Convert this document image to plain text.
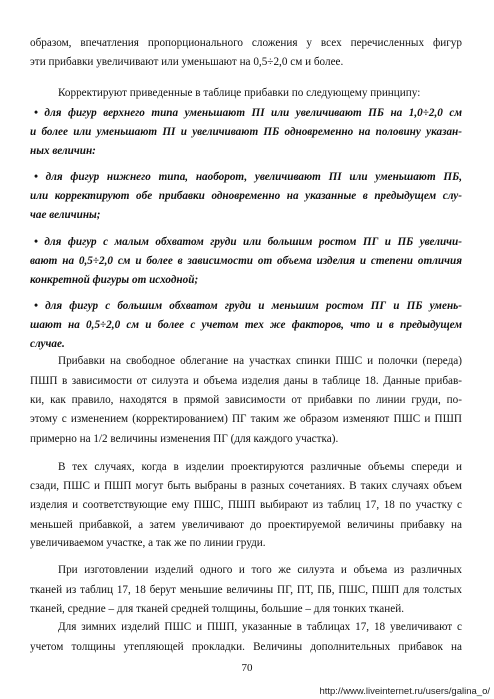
образом, впечатления пропорционального сложения у всех перечисленных фигур
эти прибавки увеличивают или уменьшают на 0,5÷2,0 см и более.
Корректируют приведенные в таблице прибавки по следующему принципу:
• для фигур верхнего типа уменьшают ПІ или увеличивают ПБ на 1,0÷2,0 см
и более или уменьшают ПІ и увеличивают ПБ одновременно на половину указан-
ных величин:
• для фигур нижнего типа, наоборот, увеличивают ПІ или уменьшают ПБ,
или корректируют обе прибавки одновременно на указанные в предыдущем слу-
чае величины;
• для фигур с малым обхватом груди или большим ростом ПГ и ПБ увеличи-
вают на 0,5÷2,0 см и более в зависимости от объема изделия и степени отличия
конкретной фигуры от исходной;
• для фигур с большим обхватом груди и меньшим ростом ПГ и ПБ умень-
шают на 0,5÷2,0 см и более с учетом тех же факторов, что и в предыдущем
случае.
Прибавки на свободное облегание на участках спинки ПШС и полочки (переда)
ПШП в зависимости от силуэта и объема изделия даны в таблице 18. Данные прибав-
ки, как правило, находятся в прямой зависимости от прибавки по линии груди, по-
этому с изменением (корректированием) ПГ таким же образом изменяют ПШС и ПШП
примерно на 1/2 величины изменения ПГ (для каждого участка).
В тех случаях, когда в изделии проектируются различные объемы спереди и
сзади, ПШС и ПШП могут быть выбраны в разных сочетаниях. В таких случаях объем
изделия и соответствующие ему ПШС, ПШП выбирают из таблиц 17, 18 по участку с
меньшей прибавкой, а затем увеличивают до проектируемой величины прибавку на
увеличиваемом участке, а так же по линии груди.
При изготовлении изделий одного и того же силуэта и объема из различных
тканей из таблиц 17, 18 берут меньшие величины ПГ, ПТ, ПБ, ПШС, ПШП для толстых
тканей, средние – для тканей средней толщины, большие – для тонких тканей.
Для зимних изделий ПШС и ПШП, указанные в таблицах 17, 18 увеличивают с
учетом толщины утепляющей прокладки. Величины дополнительных прибавок на
70
http://www.liveinternet.ru/users/galina_o/
